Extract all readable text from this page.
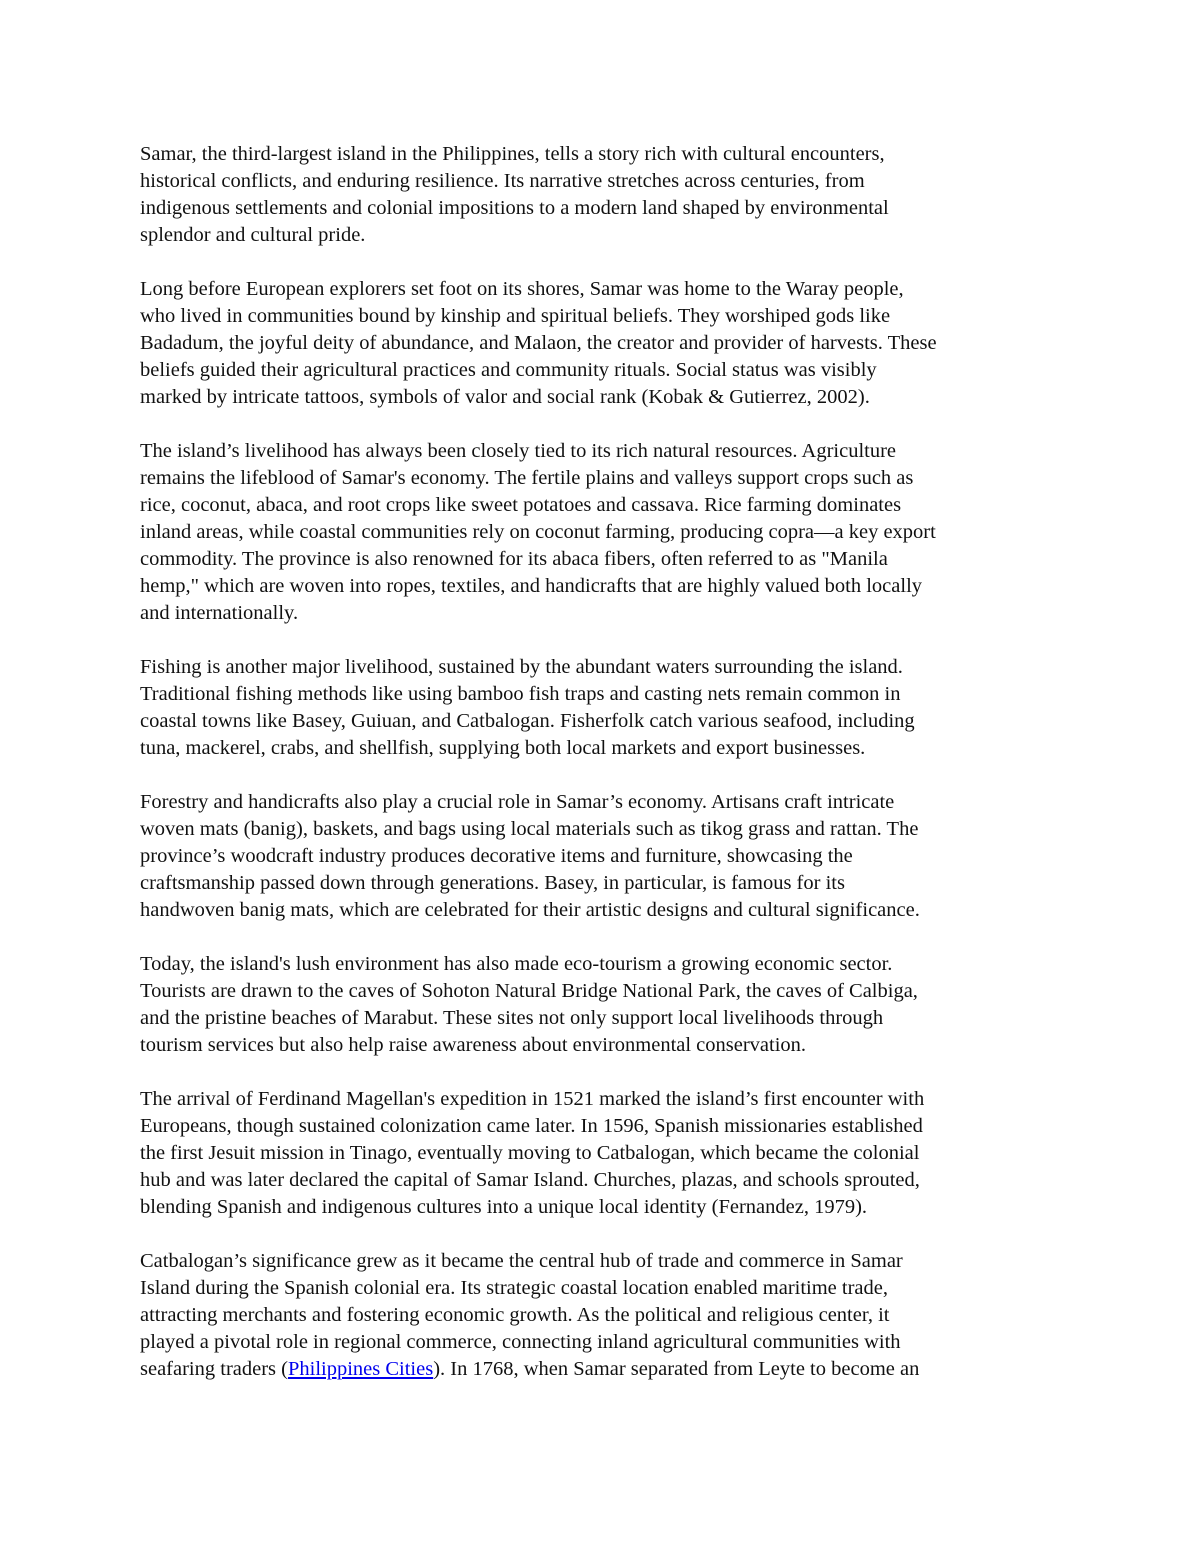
Samar, the third-largest island in the Philippines, tells a story rich with cultural encounters,
historical conflicts, and enduring resilience. Its narrative stretches across centuries, from
indigenous settlements and colonial impositions to a modern land shaped by environmental
splendor and cultural pride.

Long before European explorers set foot on its shores, Samar was home to the Waray people,
who lived in communities bound by kinship and spiritual beliefs. They worshiped gods like
Badadum, the joyful deity of abundance, and Malaon, the creator and provider of harvests. These
beliefs guided their agricultural practices and community rituals. Social status was visibly
marked by intricate tattoos, symbols of valor and social rank (Kobak & Gutierrez, 2002).

The island’s livelihood has always been closely tied to its rich natural resources. Agriculture
remains the lifeblood of Samar's economy. The fertile plains and valleys support crops such as
rice, coconut, abaca, and root crops like sweet potatoes and cassava. Rice farming dominates
inland areas, while coastal communities rely on coconut farming, producing copra—a key export
commodity. The province is also renowned for its abaca fibers, often referred to as "Manila
hemp," which are woven into ropes, textiles, and handicrafts that are highly valued both locally
and internationally.

Fishing is another major livelihood, sustained by the abundant waters surrounding the island.
Traditional fishing methods like using bamboo fish traps and casting nets remain common in
coastal towns like Basey, Guiuan, and Catbalogan. Fisherfolk catch various seafood, including
tuna, mackerel, crabs, and shellfish, supplying both local markets and export businesses.

Forestry and handicrafts also play a crucial role in Samar’s economy. Artisans craft intricate
woven mats (banig), baskets, and bags using local materials such as tikog grass and rattan. The
province’s woodcraft industry produces decorative items and furniture, showcasing the
craftsmanship passed down through generations. Basey, in particular, is famous for its
handwoven banig mats, which are celebrated for their artistic designs and cultural significance.

Today, the island's lush environment has also made eco-tourism a growing economic sector.
Tourists are drawn to the caves of Sohoton Natural Bridge National Park, the caves of Calbiga,
and the pristine beaches of Marabut. These sites not only support local livelihoods through
tourism services but also help raise awareness about environmental conservation.

The arrival of Ferdinand Magellan's expedition in 1521 marked the island’s first encounter with
Europeans, though sustained colonization came later. In 1596, Spanish missionaries established
the first Jesuit mission in Tinago, eventually moving to Catbalogan, which became the colonial
hub and was later declared the capital of Samar Island. Churches, plazas, and schools sprouted,
blending Spanish and indigenous cultures into a unique local identity (Fernandez, 1979).

Catbalogan’s significance grew as it became the central hub of trade and commerce in Samar
Island during the Spanish colonial era. Its strategic coastal location enabled maritime trade,
attracting merchants and fostering economic growth. As the political and religious center, it
played a pivotal role in regional commerce, connecting inland agricultural communities with
seafaring traders (Philippines Cities). In 1768, when Samar separated from Leyte to become an
